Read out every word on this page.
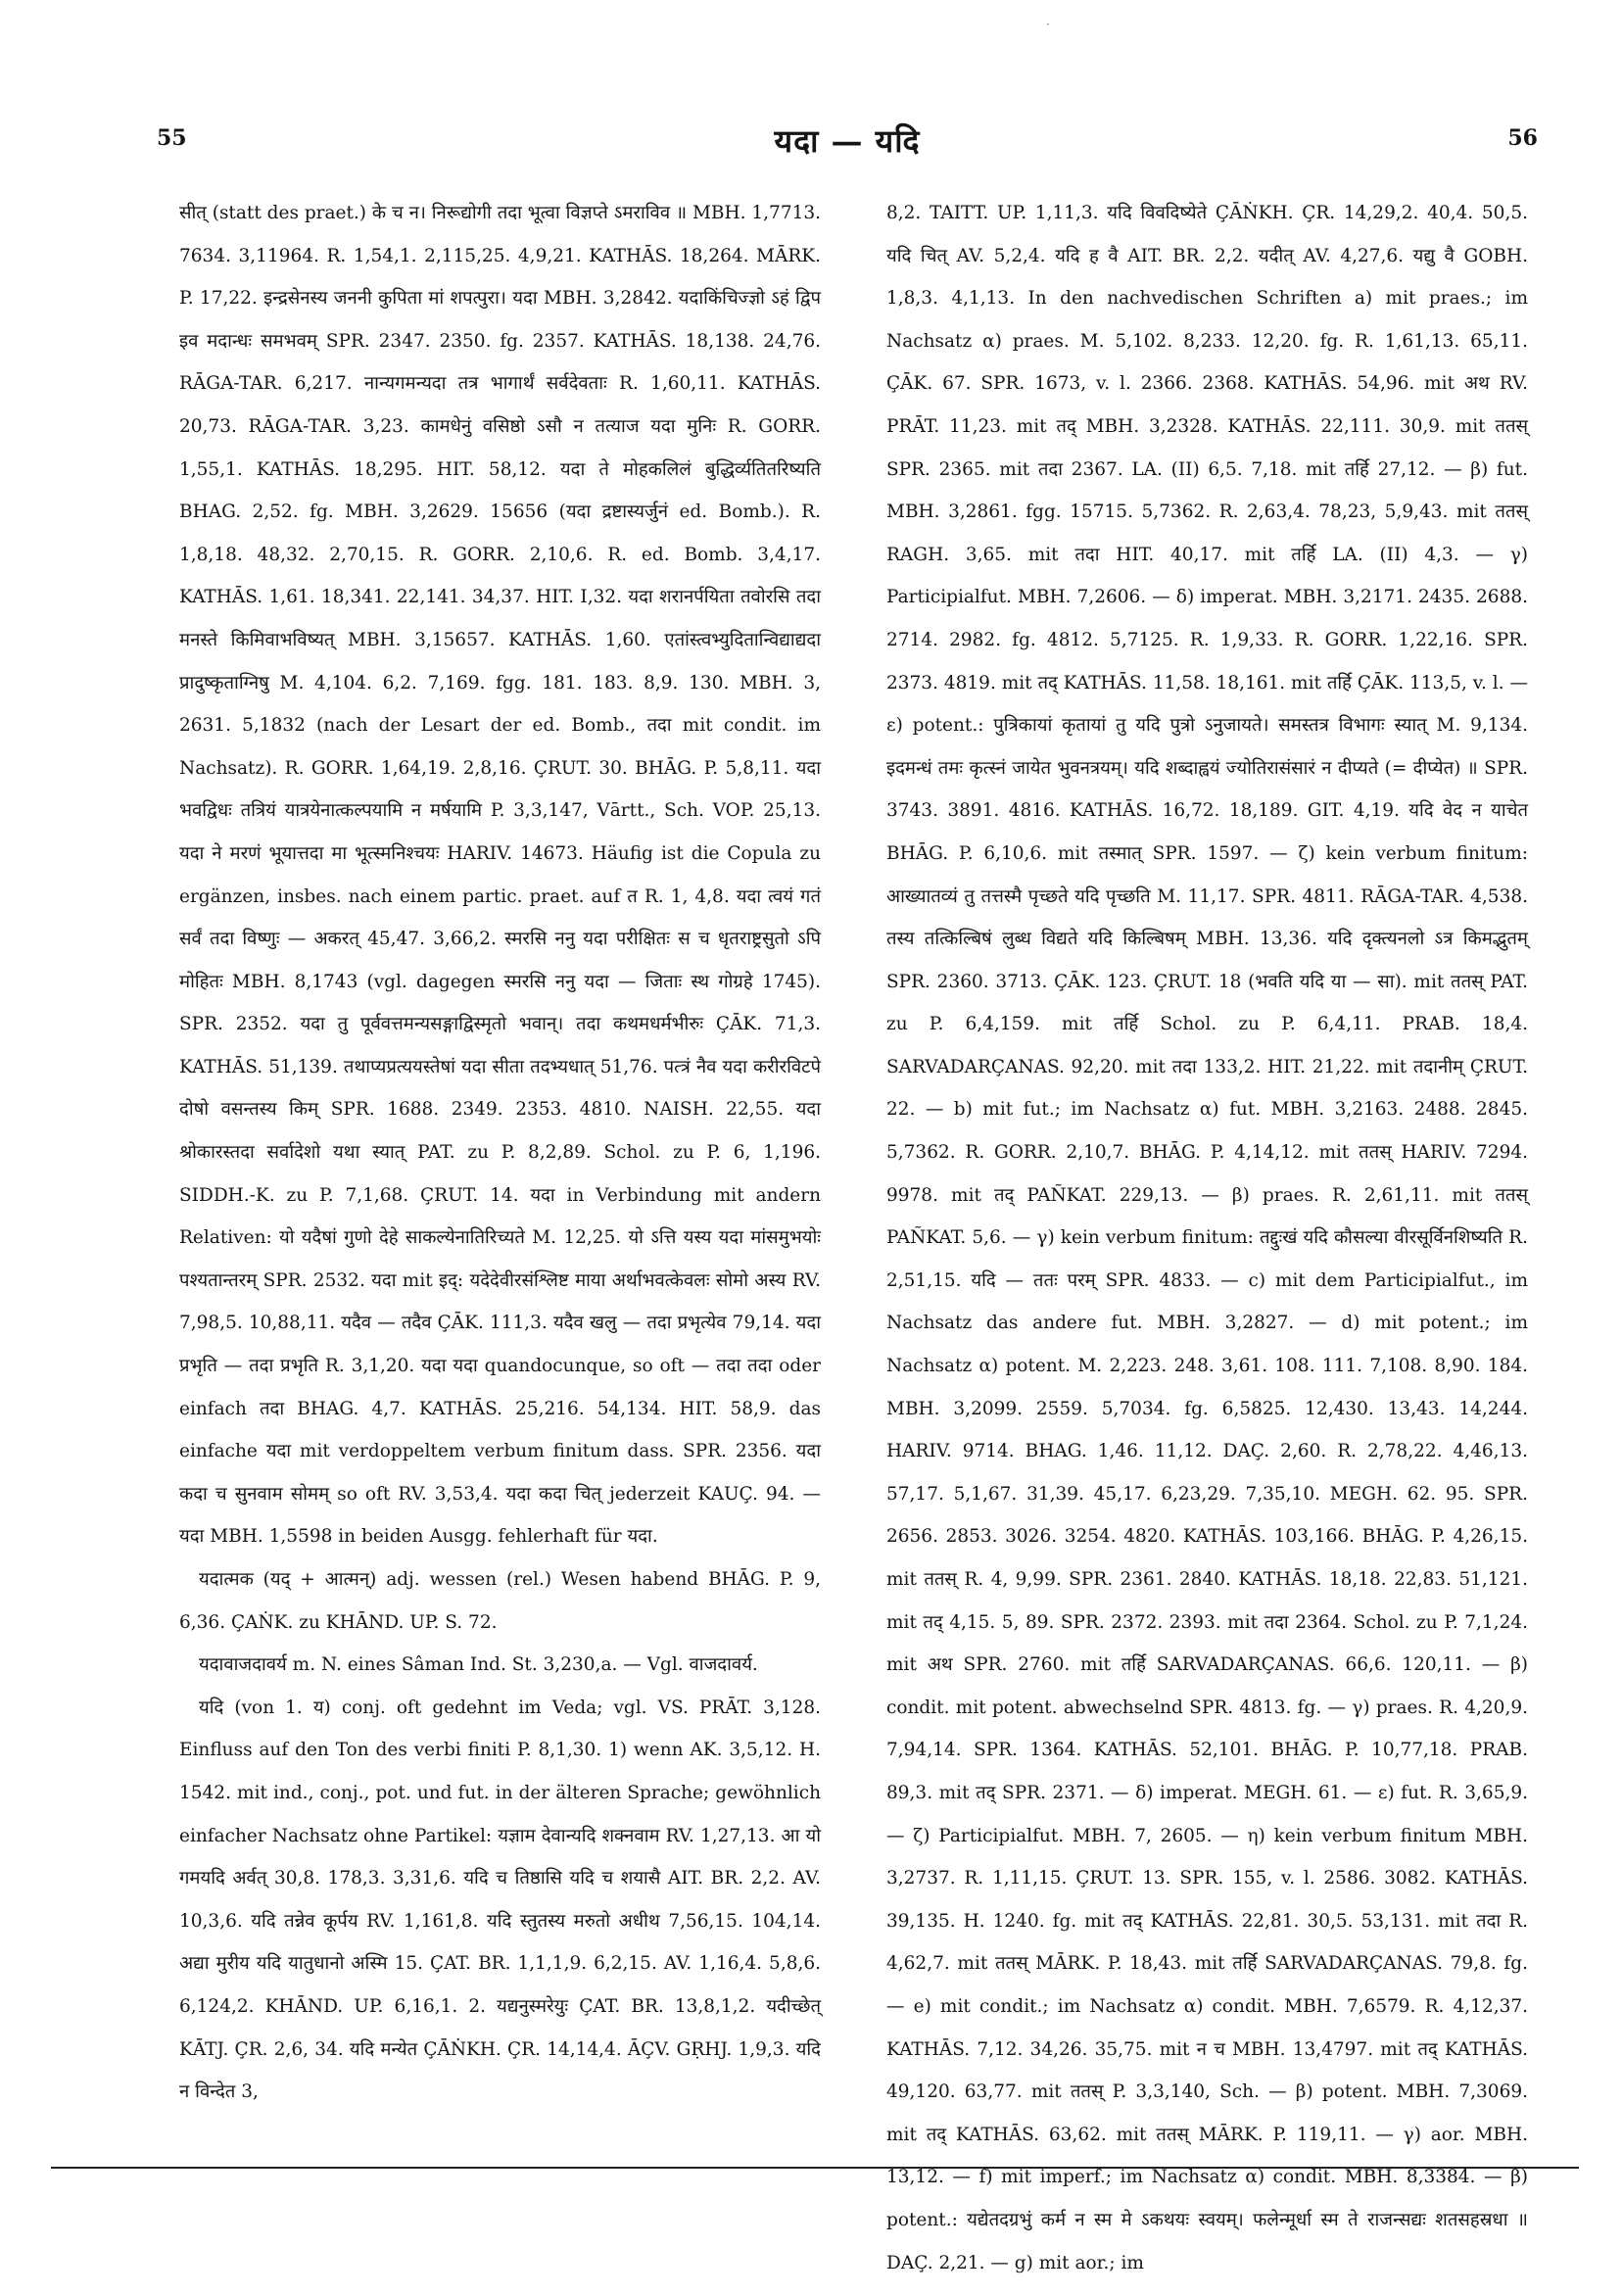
·
55	यदा — यदि	56

सीत् (statt des praet.) के च न। निरूद्योगी तदा भूत्वा विज्ञप्ते ऽमराविव ॥ MBH. 1,7713. 7634. 3,11964. R. 1,54,1. 2,115,25. 4,9,21. KATHĀS. 18,264. MĀRK. P. 17,22. इन्द्रसेनस्य जननी कुपिता मां शपत्पुरा। यदा MBH. 3,2842. यदाकिंचिज्ज्ञो ऽहं द्विप इव मदान्धः समभवम् SPR. 2347. 2350. fg. 2357. KATHĀS. 18,138. 24,76. RĀGA-TAR. 6,217. नान्यगमन्यदा तत्र भागार्थं सर्वदेवताः R. 1,60,11. KATHĀS. 20,73. RĀGA-TAR. 3,23. कामधेनुं वसिष्ठो ऽसौ न तत्याज यदा मुनिः R. GORR. 1,55,1. KATHĀS. 18,295. HIT. 58,12. यदा ते मोहकलिलं बुद्धिर्व्यतितरिष्यति BHAG. 2,52. fg. MBH. 3,2629. 15656 (यदा द्रष्टास्यर्जुनं ed. Bomb.). R. 1,8,18. 48,32. 2,70,15. R. GORR. 2,10,6. R. ed. Bomb. 3,4,17. KATHĀS. 1,61. 18,341. 22,141. 34,37. HIT. I,32. यदा शरानर्पयिता तवोरसि तदा मनस्ते किमिवाभविष्यत् MBH. 3,15657. KATHĀS. 1,60. एतांस्त्वभ्युदितान्विद्याद्यदा प्रादुष्कृताग्निषु M. 4,104. 6,2. 7,169. fgg. 181. 183. 8,9. 130. MBH. 3, 2631. 5,1832 (nach der Lesart der ed. Bomb., तदा mit condit. im Nachsatz). R. GORR. 1,64,19. 2,8,16. ÇRUT. 30. BHĀG. P. 5,8,11. यदा भवद्विधः तत्रियं यात्रयेनात्कल्पयामि न मर्षयामि P. 3,3,147, Vārtt., Sch. VOP. 25,13. यदा ने मरणं भूयात्तदा मा भूत्स्मनिश्चयः HARIV. 14673. Häufig ist die Copula zu ergänzen, insbes. nach einem partic. praet. auf त R. 1, 4,8. यदा त्वयं गतं सर्वं तदा विष्णुः — अकरत् 45,47. 3,66,2. स्मरसि ननु यदा परीक्षितः स च धृतराष्ट्रसुतो ऽपि मोहितः MBH. 8,1743 (vgl. dagegen स्मरसि ननु यदा — जिताः स्थ गोग्रहे 1745). SPR. 2352. यदा तु पूर्ववत्तमन्यसङ्गाद्विस्मृतो भवान्। तदा कथमधर्मभीरुः ÇĀK. 71,3. KATHĀS. 51,139. तथाप्यप्रत्ययस्तेषां यदा सीता तदभ्यधात् 51,76. पत्त्रं नैव यदा करीरविटपे दोषो वसन्तस्य किम् SPR. 1688. 2349. 2353. 4810. NAISH. 22,55. यदा श्रोकारस्तदा सर्वादेशो यथा स्यात् PAT. zu P. 8,2,89. Schol. zu P. 6, 1,196. SIDDH.-K. zu P. 7,1,68. ÇRUT. 14. यदा in Verbindung mit andern Relativen: यो यदैषां गुणो देहे साकल्येनातिरिच्यते M. 12,25. यो ऽत्ति यस्य यदा मांसमुभयोः पश्यतान्तरम् SPR. 2532. यदा mit इद्: यदेदेवीरसंश्लिष्ट माया अर्थाभवत्केवलः सोमो अस्य RV. 7,98,5. 10,88,11. यदैव — तदैव ÇĀK. 111,3. यदैव खलु — तदा प्रभृत्येव 79,14. यदा प्रभृति — तदा प्रभृति R. 3,1,20. यदा यदा quandocunque, so oft — तदा तदा oder einfach तदा BHAG. 4,7. KATHĀS. 25,216. 54,134. HIT. 58,9. das einfache यदा mit verdoppeltem verbum finitum dass. SPR. 2356. यदा कदा च सुनवाम सोमम् so oft RV. 3,53,4. यदा कदा चित् jederzeit KAUÇ. 94. — यदा MBH. 1,5598 in beiden Ausgg. fehlerhaft für यदा.

यदात्मक (यद् + आत्मन्) adj. wessen (rel.) Wesen habend BHĀG. P. 9, 6,36. ÇAṄK. zu KHĀND. UP. S. 72.

यदावाजदावर्य m. N. eines Sâman Ind. St. 3,230,a. — Vgl. वाजदावर्य.

यदि (von 1. य) conj. oft gedehnt im Veda; vgl. VS. PRĀT. 3,128. Einfluss auf den Ton des verbi finiti P. 8,1,30. 1) wenn AK. 3,5,12. H. 1542. mit ind., conj., pot. und fut. in der älteren Sprache; gewöhnlich einfacher Nachsatz ohne Partikel: यज्ञाम देवान्यदि शक्नवाम RV. 1,27,13. आ यो गमयदि अर्वत् 30,8. 178,3. 3,31,6. यदि च तिष्ठासि यदि च शयासै AIT. BR. 2,2. AV. 10,3,6. यदि तन्नेव कूर्पय RV. 1,161,8. यदि स्तुतस्य मरुतो अधीथ 7,56,15. 104,14. अद्या मुरीय यदि यातुधानो अस्मि 15. ÇAT. BR. 1,1,1,9. 6,2,15. AV. 1,16,4. 5,8,6. 6,124,2. KHĀND. UP. 6,16,1. 2. यद्यनुस्मरेयुः ÇAT. BR. 13,8,1,2. यदीच्छेत् KĀTJ. ÇR. 2,6, 34. यदि मन्येत ÇĀṄKH. ÇR. 14,14,4. ĀÇV. GṚHJ. 1,9,3. यदि न विन्देत 3,

8,2. TAITT. UP. 1,11,3. यदि विवदिष्येते ÇĀṄKH. ÇR. 14,29,2. 40,4. 50,5. यदि चित् AV. 5,2,4. यदि ह वै AIT. BR. 2,2. यदीत् AV. 4,27,6. यद्यु वै GOBH. 1,8,3. 4,1,13. In den nachvedischen Schriften a) mit praes.; im Nachsatz α) praes. M. 5,102. 8,233. 12,20. fg. R. 1,61,13. 65,11. ÇĀK. 67. SPR. 1673, v. l. 2366. 2368. KATHĀS. 54,96. mit अथ RV. PRĀT. 11,23. mit तद् MBH. 3,2328. KATHĀS. 22,111. 30,9. mit ततस् SPR. 2365. mit तदा 2367. LA. (II) 6,5. 7,18. mit तर्हि 27,12. — β) fut. MBH. 3,2861. fgg. 15715. 5,7362. R. 2,63,4. 78,23, 5,9,43. mit ततस् RAGH. 3,65. mit तदा HIT. 40,17. mit तर्हि LA. (II) 4,3. — γ) Participialfut. MBH. 7,2606. — δ) imperat. MBH. 3,2171. 2435. 2688. 2714. 2982. fg. 4812. 5,7125. R. 1,9,33. R. GORR. 1,22,16. SPR. 2373. 4819. mit तद् KATHĀS. 11,58. 18,161. mit तर्हि ÇĀK. 113,5, v. l. — ε) potent.: पुत्रिकायां कृतायां तु यदि पुत्रो ऽनुजायते। समस्तत्र विभागः स्यात् M. 9,134. इदमन्धं तमः कृत्स्नं जायेत भुवनत्रयम्। यदि शब्दाह्वयं ज्योतिरासंसारं न दीप्यते (= दीप्येत) ॥ SPR. 3743. 3891. 4816. KATHĀS. 16,72. 18,189. GIT. 4,19. यदि वेद न याचेत BHĀG. P. 6,10,6. mit तस्मात् SPR. 1597. — ζ) kein verbum finitum: आख्यातव्यं तु तत्तस्मै पृच्छते यदि पृच्छति M. 11,17. SPR. 4811. RĀGA-TAR. 4,538. तस्य तत्किल्बिषं लुब्ध विद्यते यदि किल्बिषम् MBH. 13,36. यदि दृक्त्यनलो ऽत्र किमद्भुतम् SPR. 2360. 3713. ÇĀK. 123. ÇRUT. 18 (भवति यदि या — सा). mit ततस् PAT. zu P. 6,4,159. mit तर्हि Schol. zu P. 6,4,11. PRAB. 18,4. SARVADARÇANAS. 92,20. mit तदा 133,2. HIT. 21,22. mit तदानीम् ÇRUT. 22. — b) mit fut.; im Nachsatz α) fut. MBH. 3,2163. 2488. 2845. 5,7362. R. GORR. 2,10,7. BHĀG. P. 4,14,12. mit ततस् HARIV. 7294. 9978. mit तद् PAÑKAT. 229,13. — β) praes. R. 2,61,11. mit ततस् PAÑKAT. 5,6. — γ) kein verbum finitum: तद्दुःखं यदि कौसल्या वीरसूर्विनशिष्यति R. 2,51,15. यदि — ततः परम् SPR. 4833. — c) mit dem Participialfut., im Nachsatz das andere fut. MBH. 3,2827. — d) mit potent.; im Nachsatz α) potent. M. 2,223. 248. 3,61. 108. 111. 7,108. 8,90. 184. MBH. 3,2099. 2559. 5,7034. fg. 6,5825. 12,430. 13,43. 14,244. HARIV. 9714. BHAG. 1,46. 11,12. DAÇ. 2,60. R. 2,78,22. 4,46,13. 57,17. 5,1,67. 31,39. 45,17. 6,23,29. 7,35,10. MEGH. 62. 95. SPR. 2656. 2853. 3026. 3254. 4820. KATHĀS. 103,166. BHĀG. P. 4,26,15. mit ततस् R. 4, 9,99. SPR. 2361. 2840. KATHĀS. 18,18. 22,83. 51,121. mit तद् 4,15. 5, 89. SPR. 2372. 2393. mit तदा 2364. Schol. zu P. 7,1,24. mit अथ SPR. 2760. mit तर्हि SARVADARÇANAS. 66,6. 120,11. — β) condit. mit potent. abwechselnd SPR. 4813. fg. — γ) praes. R. 4,20,9. 7,94,14. SPR. 1364. KATHĀS. 52,101. BHĀG. P. 10,77,18. PRAB. 89,3. mit तद् SPR. 2371. — δ) imperat. MEGH. 61. — ε) fut. R. 3,65,9. — ζ) Participialfut. MBH. 7, 2605. — η) kein verbum finitum MBH. 3,2737. R. 1,11,15. ÇRUT. 13. SPR. 155, v. l. 2586. 3082. KATHĀS. 39,135. H. 1240. fg. mit तद् KATHĀS. 22,81. 30,5. 53,131. mit तदा R. 4,62,7. mit ततस् MĀRK. P. 18,43. mit तर्हि SARVADARÇANAS. 79,8. fg. — e) mit condit.; im Nachsatz α) condit. MBH. 7,6579. R. 4,12,37. KATHĀS. 7,12. 34,26. 35,75. mit न च MBH. 13,4797. mit तद् KATHĀS. 49,120. 63,77. mit ततस् P. 3,3,140, Sch. — β) potent. MBH. 7,3069. mit तद् KATHĀS. 63,62. mit ततस् MĀRK. P. 119,11. — γ) aor. MBH. 13,12. — f) mit imperf.; im Nachsatz α) condit. MBH. 8,3384. — β) potent.: यद्येतदग्रभुं कर्म न स्म मे ऽकथयः स्वयम्। फलेन्मूर्धा स्म ते राजन्सद्यः शतसहस्रधा ॥ DAÇ. 2,21. — g) mit aor.; im
